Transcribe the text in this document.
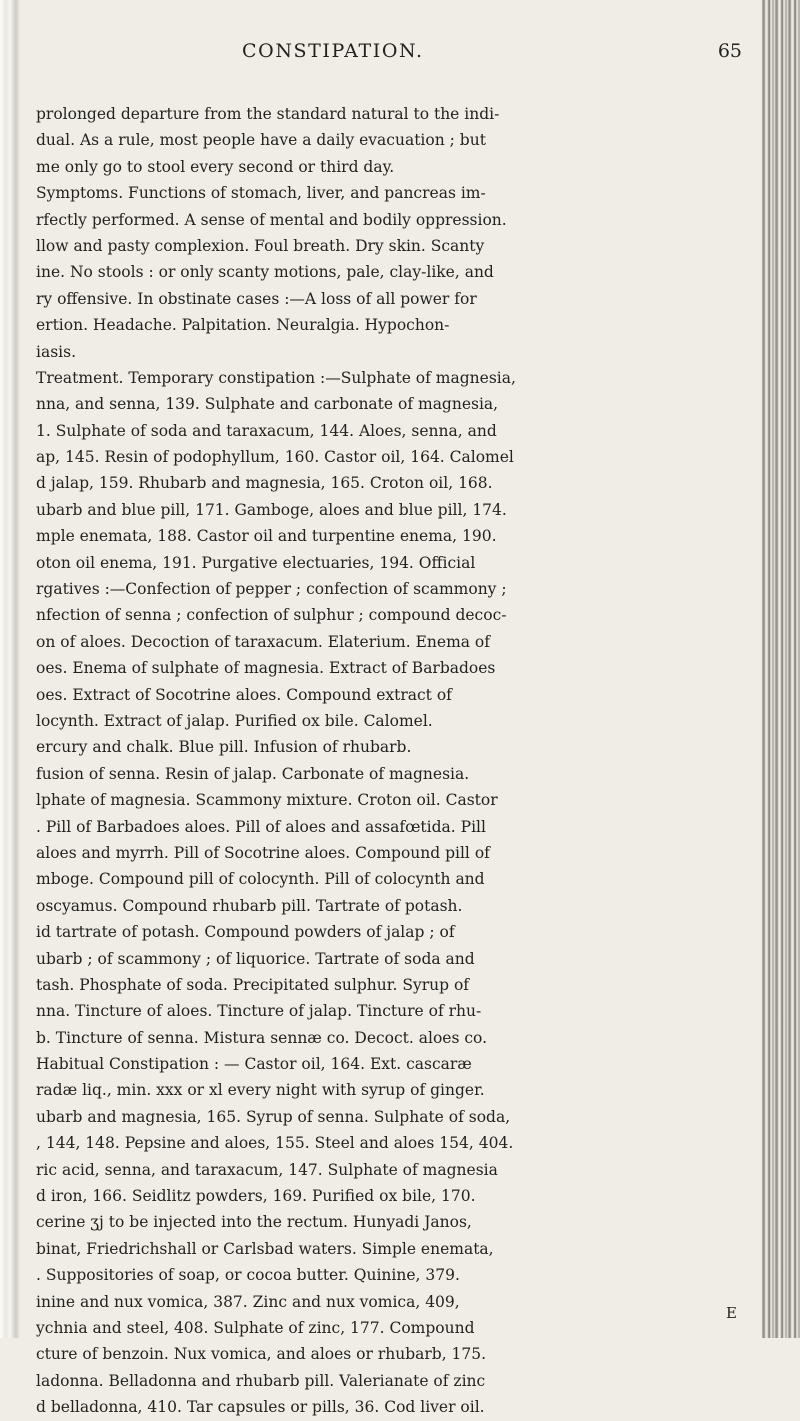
CONSTIPATION.	65
prolonged departure from the standard natural to the indi-
dual. As a rule, most people have a daily evacuation ; but
me only go to stool every second or third day.
Symptoms. Functions of stomach, liver, and pancreas im-
rfectly performed. A sense of mental and bodily oppression.
llow and pasty complexion. Foul breath. Dry skin. Scanty
ine. No stools : or only scanty motions, pale, clay-like, and
ry offensive. In obstinate cases :—A loss of all power for
ertion. Headache. Palpitation. Neuralgia. Hypochon-
iasis.
Treatment. Temporary constipation :—Sulphate of magnesia,
nna, and senna, 139. Sulphate and carbonate of magnesia,
1. Sulphate of soda and taraxacum, 144. Aloes, senna, and
ap, 145. Resin of podophyllum, 160. Castor oil, 164. Calomel
d jalap, 159. Rhubarb and magnesia, 165. Croton oil, 168.
ubarb and blue pill, 171. Gamboge, aloes and blue pill, 174.
mple enemata, 188. Castor oil and turpentine enema, 190.
oton oil enema, 191. Purgative electuaries, 194. Official
rgatives :—Confection of pepper ; confection of scammony ;
nfection of senna ; confection of sulphur ; compound decoc-
on of aloes. Decoction of taraxacum. Elaterium. Enema of
oes. Enema of sulphate of magnesia. Extract of Barbadoes
oes. Extract of Socotrine aloes. Compound extract of
locynth. Extract of jalap. Purified ox bile. Calomel.
ercury and chalk. Blue pill. Infusion of rhubarb.
fusion of senna. Resin of jalap. Carbonate of magnesia.
lphate of magnesia. Scammony mixture. Croton oil. Castor
. Pill of Barbadoes aloes. Pill of aloes and assafœtida. Pill
aloes and myrrh. Pill of Socotrine aloes. Compound pill of
mboge. Compound pill of colocynth. Pill of colocynth and
oscyamus. Compound rhubarb pill. Tartrate of potash.
id tartrate of potash. Compound powders of jalap ; of
ubarb ; of scammony ; of liquorice. Tartrate of soda and
tash. Phosphate of soda. Precipitated sulphur. Syrup of
nna. Tincture of aloes. Tincture of jalap. Tincture of rhu-
b. Tincture of senna. Mistura sennæ co. Decoct. aloes co.
Habitual Constipation : — Castor oil, 164. Ext. cascaræ
radæ liq., min. xxx or xl every night with syrup of ginger.
ubarb and magnesia, 165. Syrup of senna. Sulphate of soda,
, 144, 148. Pepsine and aloes, 155. Steel and aloes 154, 404.
ric acid, senna, and taraxacum, 147. Sulphate of magnesia
d iron, 166. Seidlitz powders, 169. Purified ox bile, 170.
cerine ʒj to be injected into the rectum. Hunyadi Janos,
binat, Friedrichshall or Carlsbad waters. Simple enemata,
. Suppositories of soap, or cocoa butter. Quinine, 379.
inine and nux vomica, 387. Zinc and nux vomica, 409,
ychnia and steel, 408. Sulphate of zinc, 177. Compound
cture of benzoin. Nux vomica, and aloes or rhubarb, 175.
ladonna. Belladonna and rhubarb pill. Valerianate of zinc
d belladonna, 410. Tar capsules or pills, 36. Cod liver oil.
E
